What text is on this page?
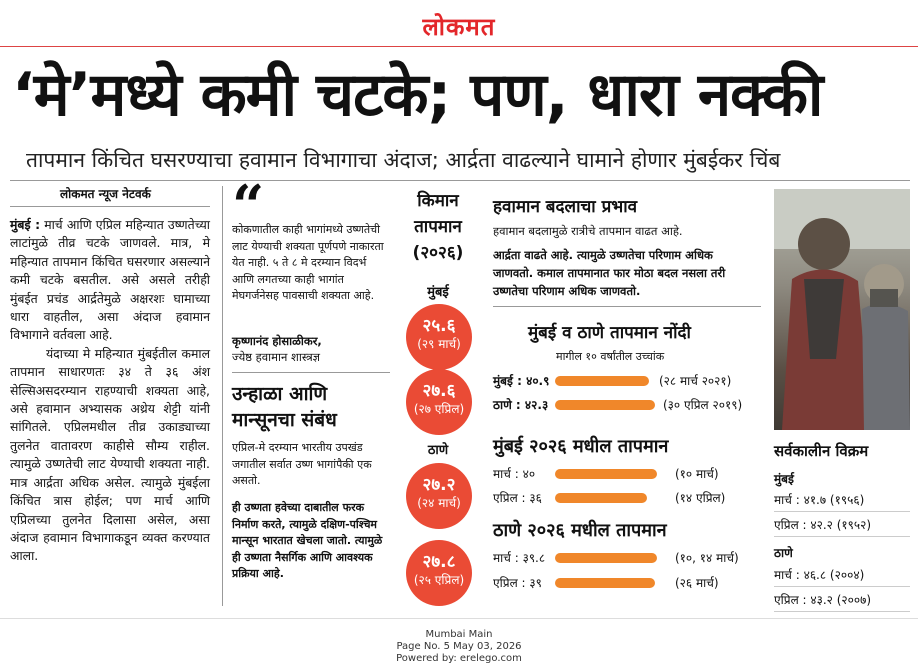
लोकमत
‘मे’मध्ये कमी चटके; पण, धारा नक्की
तापमान किंचित घसरण्याचा हवामान विभागाचा अंदाज; आर्द्रता वाढल्याने घामाने होणार मुंबईकर चिंब
लोकमत न्यूज नेटवर्क

मुंबई : मार्च आणि एप्रिल महिन्यात उष्णतेच्या लाटांमुळे तीव्र चटके जाणवले. मात्र, मे महिन्यात तापमान किंचित घसरणार असल्याने कमी चटके बसतील. असे असले तरीही मुंबईत प्रचंड आर्द्रतेमुळे अक्षरशः घामाच्या धारा वाहतील, असा अंदाज हवामान विभागाने वर्तवला आहे.

यंदाच्या मे महिन्यात मुंबईतील कमाल तापमान साधारणतः ३४ ते ३६ अंश सेल्सिअसदरम्यान राहण्याची शक्यता आहे, असे हवामान अभ्यासक अथ्रेय शेट्टी यांनी सांगितले. एप्रिलमधील तीव्र उकाड्याच्या तुलनेत वातावरण काहीसे सौम्य राहील. त्यामुळे उष्णतेची लाट येण्याची शक्यता नाही. मात्र आर्द्रता अधिक असेल. त्यामुळे मुंबईला किंचित त्रास होईल; पण मार्च आणि एप्रिलच्या तुलनेत दिलासा असेल, असा अंदाज हवामान विभागाकडून व्यक्त करण्यात आला.

“
कोकणातील काही भागांमध्ये उष्णतेची लाट येण्याची शक्यता पूर्णपणे नाकारता येत नाही. ५ ते ८ मे दरम्यान विदर्भ आणि लगतच्या काही भागांत मेघगर्जनेसह पावसाची शक्यता आहे.
कृष्णानंद होसाळीकर,
ज्येष्ठ हवामान शास्त्रज्ञ
उन्हाळा आणि मान्सूनचा संबंध
एप्रिल-मे दरम्यान भारतीय उपखंड जगातील सर्वात उष्ण भागांपैकी एक असतो.
ही उष्णता हवेच्या दाबातील फरक निर्माण करते, त्यामुळे दक्षिण-पश्चिम मान्सून भारतात खेचला जातो. त्यामुळे ही उष्णता नैसर्गिक आणि आवश्यक प्रक्रिया आहे.
किमान
तापमान
(२०२६)
मुंबई
२५.६
(२९ मार्च)
२७.६
(२७ एप्रिल)
ठाणे
२७.२
(२४ मार्च)
२७.८
(२५ एप्रिल)
हवामान बदलाचा प्रभाव
हवामान बदलामुळे रात्रीचे तापमान वाढत आहे.
आर्द्रता वाढते आहे. त्यामुळे उष्णतेचा परिणाम अधिक जाणवतो. कमाल तापमानात फार मोठा बदल नसला तरी उष्णतेचा परिणाम अधिक जाणवतो.
मुंबई व ठाणे तापमान नोंदी
मागील १० वर्षांतील उच्चांक
मुंबई : ४०.९	(२८ मार्च २०२१)
ठाणे : ४२.३	(३० एप्रिल २०१९)
मुंबई २०२६ मधील तापमान
मार्च : ४०	(१० मार्च)
एप्रिल : ३६	(१४ एप्रिल)
ठाणे २०२६ मधील तापमान
मार्च : ३९.८	(१०, १४ मार्च)
एप्रिल : ३९	(२६ मार्च)
सर्वकालीन विक्रम
मुंबई
मार्च : ४१.७ (१९५६)
एप्रिल : ४२.२ (१९५२)
ठाणे
मार्च : ४६.८ (२००४)
एप्रिल : ४३.२ (२००७)
Mumbai Main
Page No. 5 May 03, 2026
Powered by: erelego.com
